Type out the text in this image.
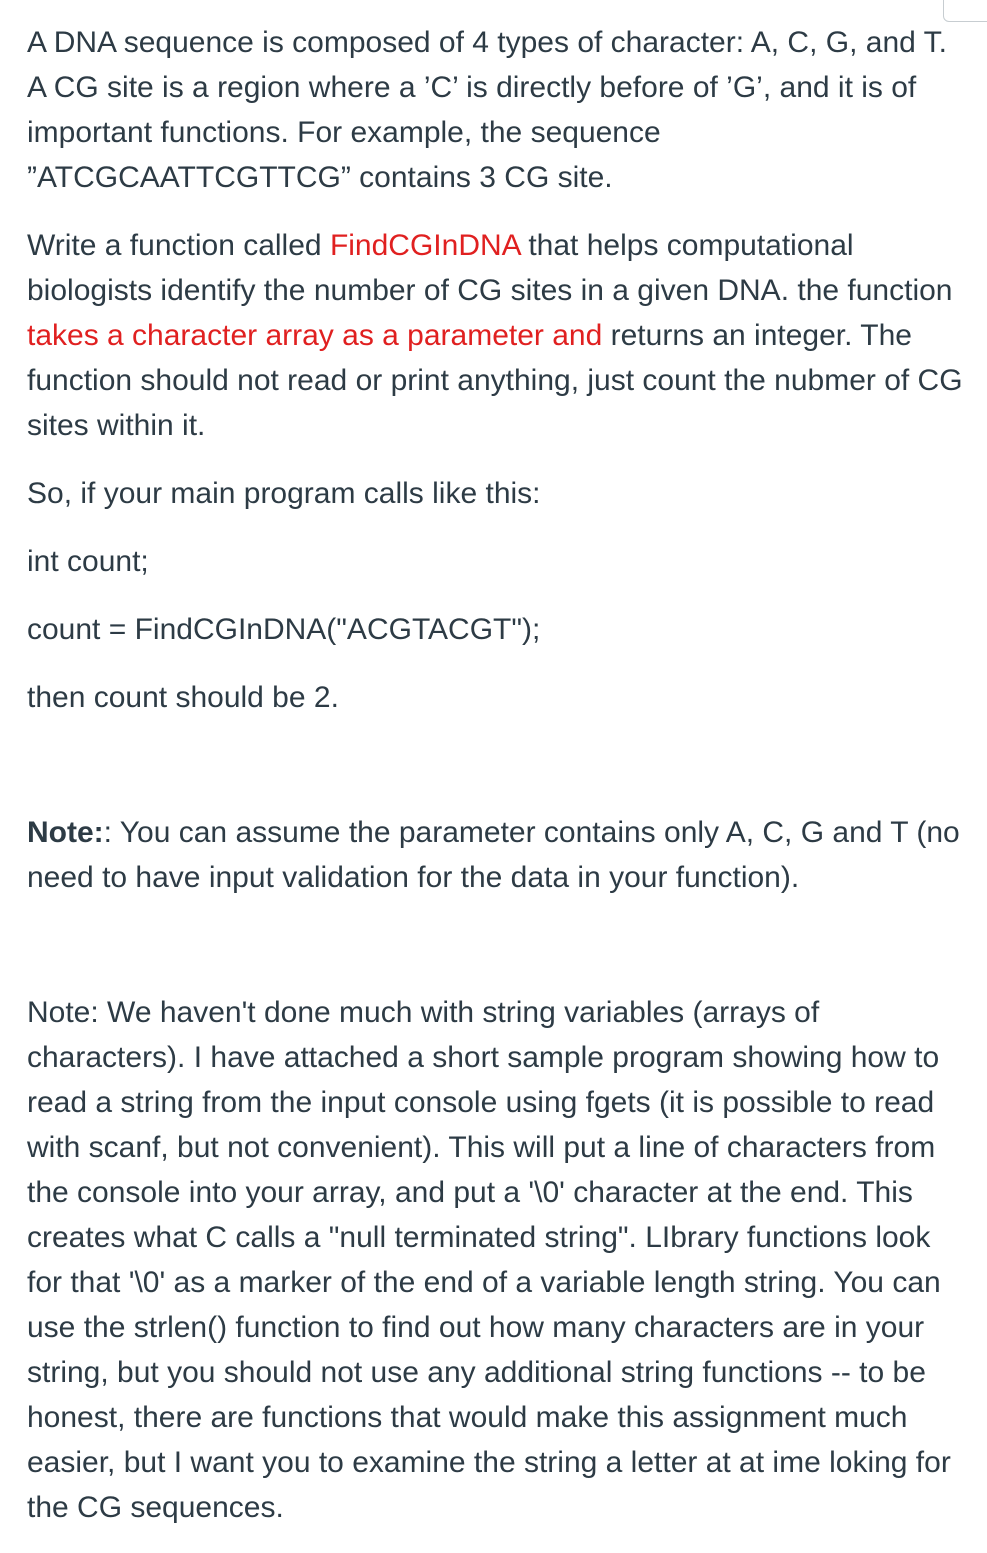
A DNA sequence is composed of 4 types of character: A, C, G, and T. A CG site is a region where a ’C’ is directly before of ’G’, and it is of important functions. For example, the sequence ”ATCGCAATTCGTTCG” contains 3 CG site.

Write a function called FindCGInDNA that helps computational biologists identify the number of CG sites in a given DNA. the function takes a character array as a parameter and returns an integer. The function should not read or print anything, just count the nubmer of CG sites within it.

So, if your main program calls like this:

int count;

count = FindCGInDNA("ACGTACGT");

then count should be 2.

Note:: You can assume the parameter contains only A, C, G and T (no need to have input validation for the data in your function).

Note: We haven't done much with string variables (arrays of characters). I have attached a short sample program showing how to read a string from the input console using fgets (it is possible to read with scanf, but not convenient). This will put a line of characters from the console into your array, and put a '\0' character at the end. This creates what C calls a "null terminated string". LIbrary functions look for that '\0' as a marker of the end of a variable length string. You can use the strlen() function to find out how many characters are in your string, but you should not use any additional string functions -- to be honest, there are functions that would make this assignment much easier, but I want you to examine the string a letter at at ime loking for the CG sequences.
